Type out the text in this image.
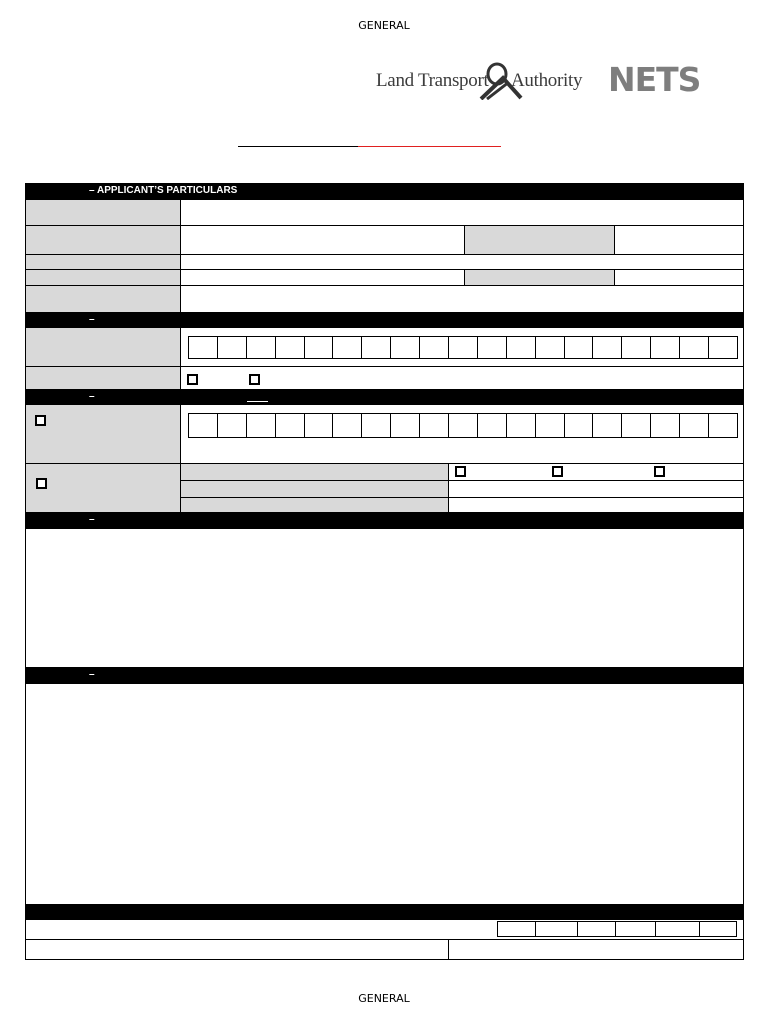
GENERAL
Land Transport Authority NETS
– APPLICANT’S PARTICULARS
–
–
–
–
GENERAL
